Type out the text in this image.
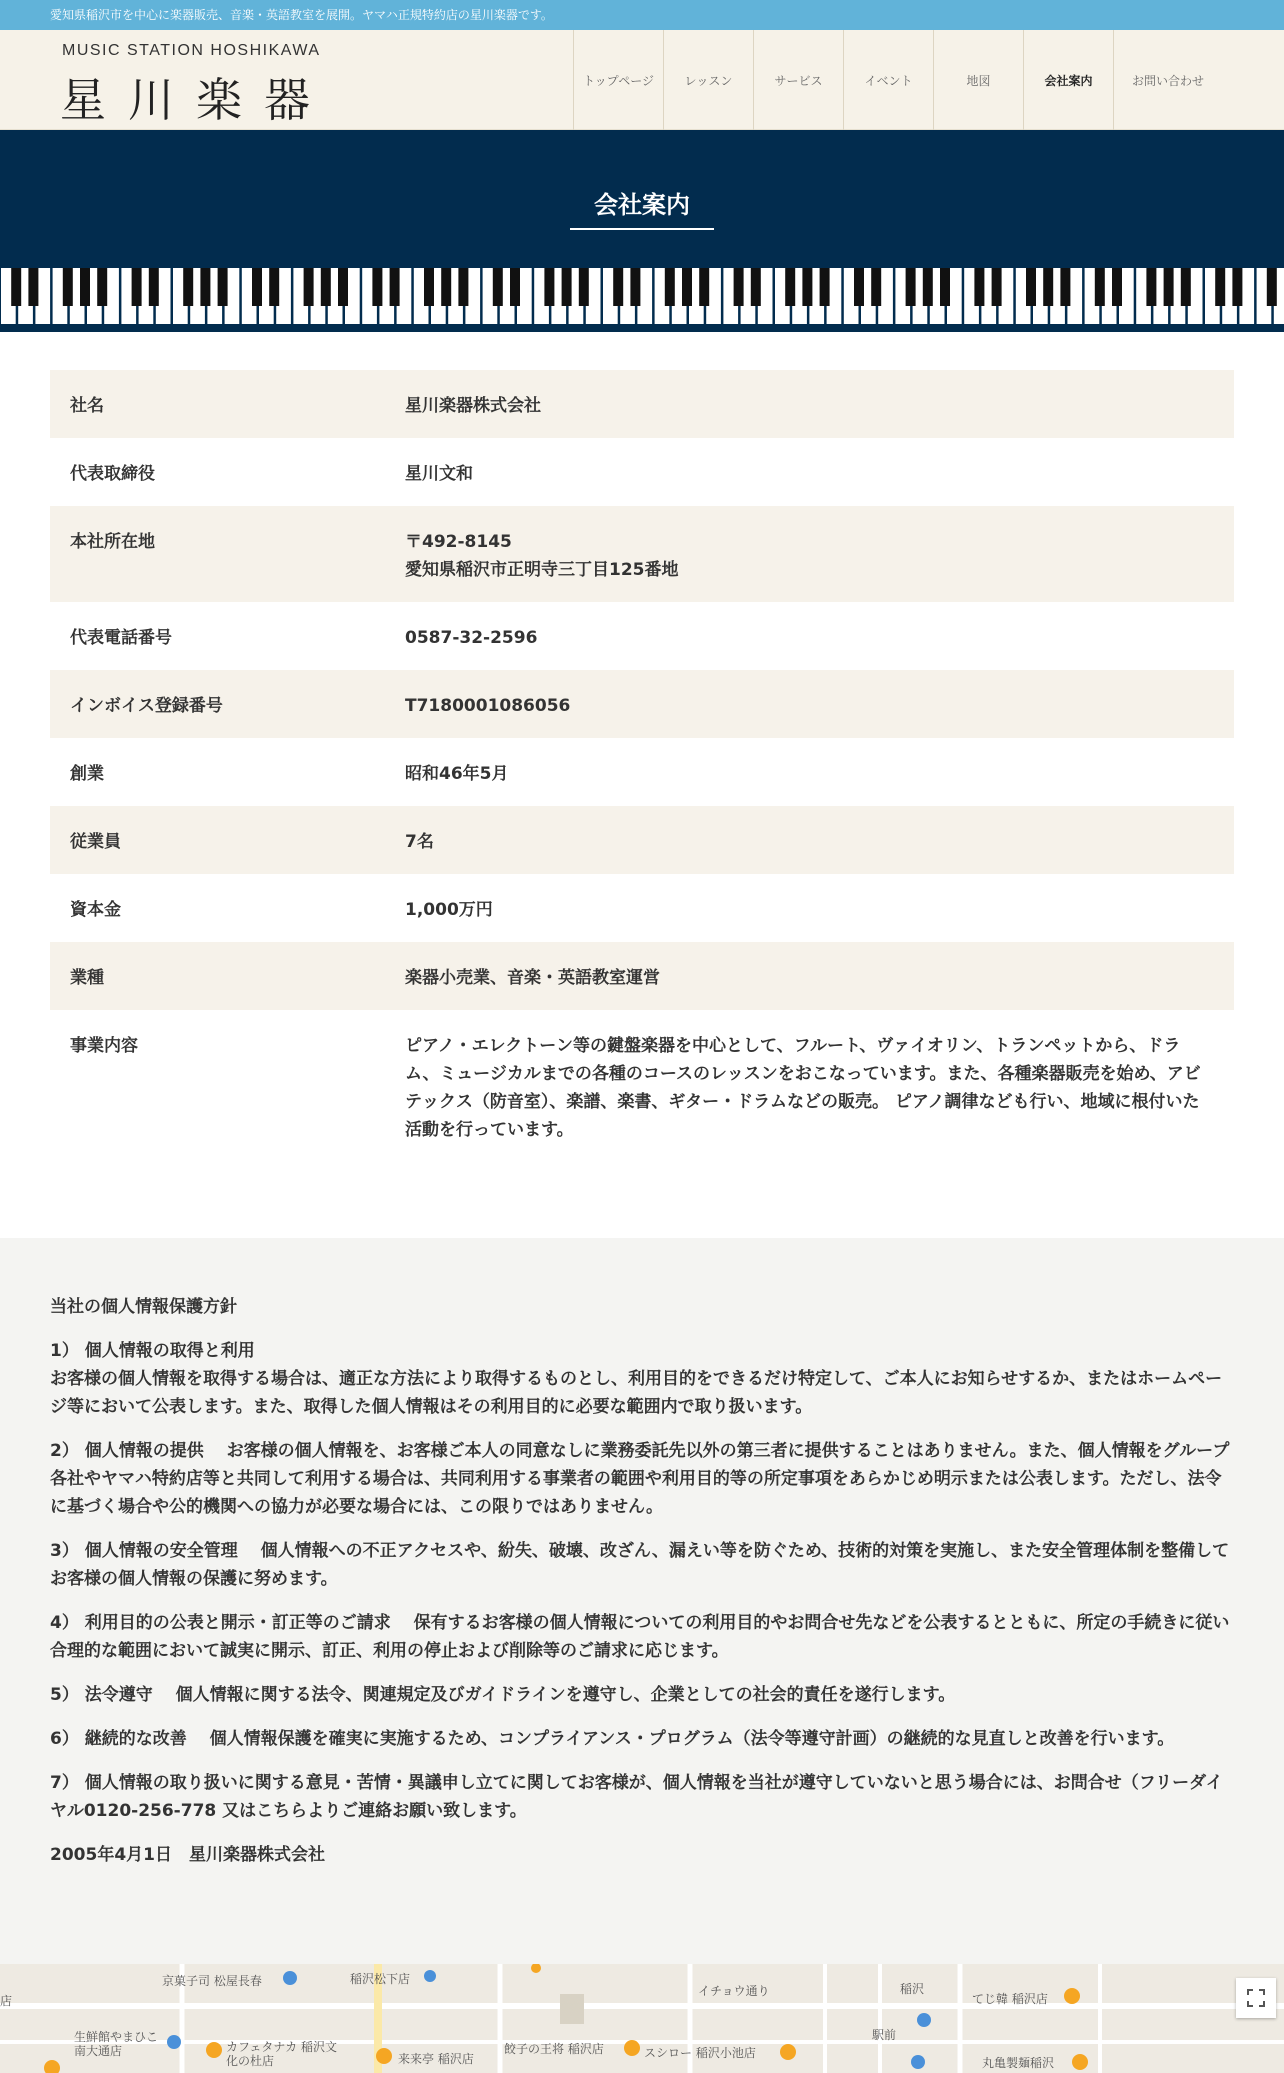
愛知県稲沢市を中心に楽器販売、音楽・英語教室を展開。ヤマハ正規特約店の星川楽器です。
MUSIC STATION HOSHIKAWA
星川楽器	トップページ	レッスン	サービス	イベント	地図	会社案内	お問い合わせ
会社案内
社名	星川楽器株式会社
代表取締役	星川文和
本社所在地	〒492-8145
愛知県稲沢市正明寺三丁目125番地
代表電話番号	0587-32-2596
インボイス登録番号	T7180001086056
創業	昭和46年5月
従業員	7名
資本金	1,000万円
業種	楽器小売業、音楽・英語教室運営
事業内容	ピアノ・エレクトーン等の鍵盤楽器を中心として、フルート、ヴァイオリン、トランペットから、ドラム、ミュージカルまでの各種のコースのレッスンをおこなっています。また、各種楽器販売を始め、アビテックス（防音室）、楽譜、楽書、ギター・ドラムなどの販売。 ピアノ調律なども行い、地域に根付いた活動を行っています。

当社の個人情報保護方針

1） 個人情報の取得と利用
お客様の個人情報を取得する場合は、適正な方法により取得するものとし、利用目的をできるだけ特定して、ご本人にお知らせするか、またはホームページ等において公表します。また、取得した個人情報はその利用目的に必要な範囲内で取り扱います。

2） 個人情報の提供　 お客様の個人情報を、お客様ご本人の同意なしに業務委託先以外の第三者に提供することはありません。また、個人情報をグループ各社やヤマハ特約店等と共同して利用する場合は、共同利用する事業者の範囲や利用目的等の所定事項をあらかじめ明示または公表します。ただし、法令に基づく場合や公的機関への協力が必要な場合には、この限りではありません。

3） 個人情報の安全管理　 個人情報への不正アクセスや、紛失、破壊、改ざん、漏えい等を防ぐため、技術的対策を実施し、また安全管理体制を整備してお客様の個人情報の保護に努めます。

4） 利用目的の公表と開示・訂正等のご請求　 保有するお客様の個人情報についての利用目的やお問合せ先などを公表するとともに、所定の手続きに従い合理的な範囲において誠実に開示、訂正、利用の停止および削除等のご請求に応じます。

5） 法令遵守　 個人情報に関する法令、関連規定及びガイドラインを遵守し、企業としての社会的責任を遂行します。

6） 継続的な改善　 個人情報保護を確実に実施するため、コンプライアンス・プログラム（法令等遵守計画）の継続的な見直しと改善を行います。

7） 個人情報の取り扱いに関する意見・苦情・異議申し立てに関してお客様が、個人情報を当社が遵守していないと思う場合には、お問合せ（フリーダイヤル0120-256-778 又はこちらよりご連絡お願い致します。

2005年4月1日　星川楽器株式会社

京菓子司 松屋長春	稲沢松下店
イチョウ通り	稲沢
てじ韓 稲沢店
生鮮館やまひこ 南大通店	カフェタナカ 稲沢文化の杜店	来来亭 稲沢店
餃子の王将 稲沢店	スシロー 稲沢小池店
駅前
丸亀製麺稲沢
店
